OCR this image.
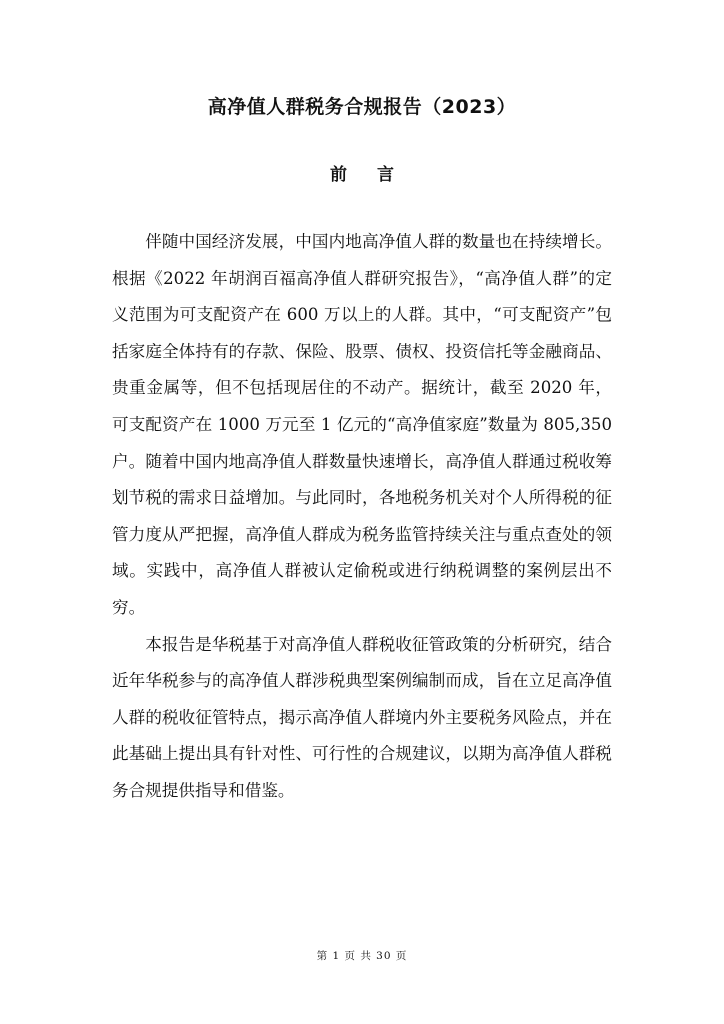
高净值人群税务合规报告（2023）
前言

伴随中国经济发展，中国内地高净值人群的数量也在持续增长。根据《2022 年胡润百福高净值人群研究报告》，“高净值人群”的定义范围为可支配资产在 600 万以上的人群。其中，“可支配资产”包括家庭全体持有的存款、保险、股票、债权、投资信托等金融商品、贵重金属等，但不包括现居住的不动产。据统计，截至 2020 年，可支配资产在 1000 万元至 1 亿元的“高净值家庭”数量为 805,350 户。随着中国内地高净值人群数量快速增长，高净值人群通过税收筹划节税的需求日益增加。与此同时，各地税务机关对个人所得税的征管力度从严把握，高净值人群成为税务监管持续关注与重点查处的领域。实践中，高净值人群被认定偷税或进行纳税调整的案例层出不穷。

本报告是华税基于对高净值人群税收征管政策的分析研究，结合近年华税参与的高净值人群涉税典型案例编制而成，旨在立足高净值人群的税收征管特点，揭示高净值人群境内外主要税务风险点，并在此基础上提出具有针对性、可行性的合规建议，以期为高净值人群税务合规提供指导和借鉴。

第 1 页 共 30 页
